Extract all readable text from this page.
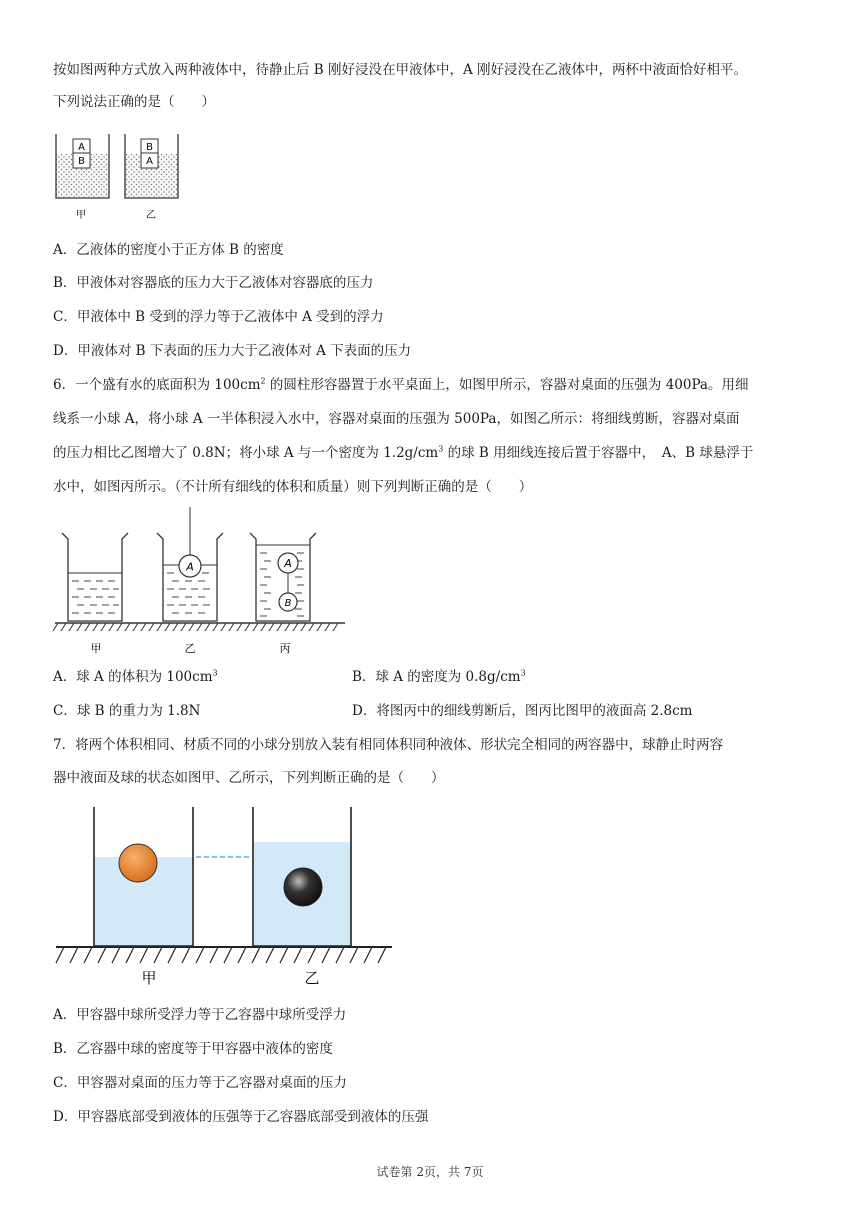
按如图两种方式放入两种液体中，待静止后 B 刚好浸没在甲液体中，A 刚好浸没在乙液体中，两杯中液面恰好相平。
下列说法正确的是（　　）
A
B
B
A
甲	乙
A．乙液体的密度小于正方体 B 的密度
B．甲液体对容器底的压力大于乙液体对容器底的压力
C．甲液体中 B 受到的浮力等于乙液体中 A 受到的浮力
D．甲液体对 B 下表面的压力大于乙液体对 A 下表面的压力
6．一个盛有水的底面积为 $100cm^2$ 的圆柱形容器置于水平桌面上，如图甲所示，容器对桌面的压强为 400Pa。用细
线系一小球 A，将小球 A 一半体积浸入水中，容器对桌面的压强为 500Pa，如图乙所示：将细线剪断，容器对桌面
的压力相比乙图增大了 0.8N；将小球 A 与一个密度为 $1.2g/cm^3$ 的球 B 用细线连接后置于容器中，　A、B 球悬浮于
水中，如图丙所示。（不计所有细线的体积和质量）则下列判断正确的是（　　）
A	A
B
甲	乙	丙
A．球 A 的体积为 $100cm^3$	B．球 A 的密度为 $0.8g/cm^3$
C．球 B 的重力为 1.8N	D．将图丙中的细线剪断后，图丙比图甲的液面高 2.8cm
7．将两个体积相同、材质不同的小球分别放入装有相同体积同种液体、形状完全相同的两容器中，球静止时两容
器中液面及球的状态如图甲、乙所示，下列判断正确的是（　　）
甲	乙
A．甲容器中球所受浮力等于乙容器中球所受浮力
B．乙容器中球的密度等于甲容器中液体的密度
C．甲容器对桌面的压力等于乙容器对桌面的压力
D．甲容器底部受到液体的压强等于乙容器底部受到液体的压强
试卷第 2页，共 7页
